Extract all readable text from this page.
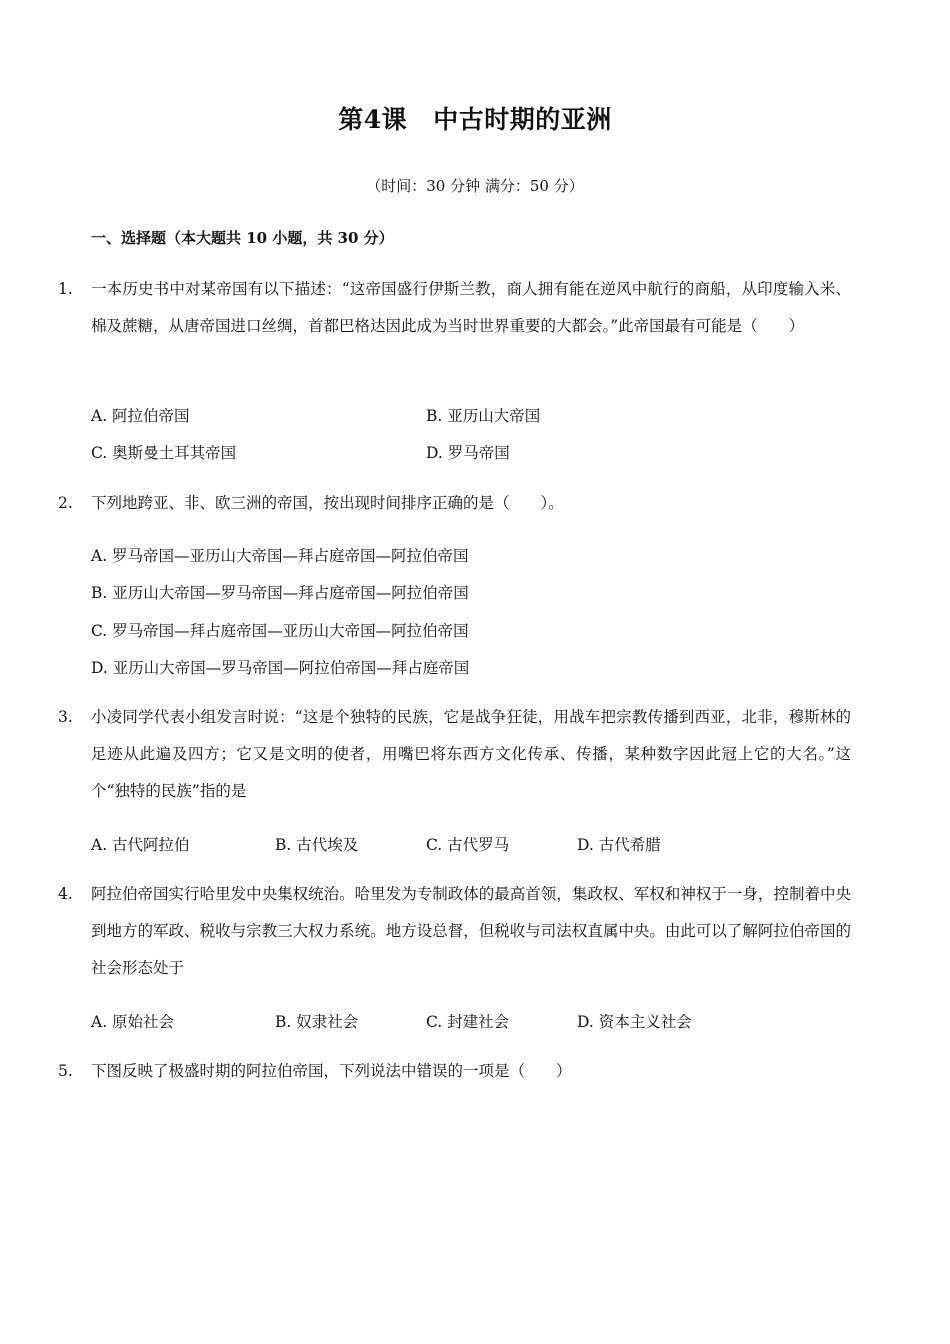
第4课 中古时期的亚洲
（时间：30 分钟 满分：50 分）
一、选择题（本大题共 10 小题，共 30 分）
1.	一本历史书中对某帝国有以下描述：“这帝国盛行伊斯兰教，商人拥有能在逆风中航行的商船，从印度输入米、棉及蔗糖，从唐帝国进口丝绸，首都巴格达因此成为当时世界重要的大都会。”此帝国最有可能是（　　）
A. 阿拉伯帝国	B. 亚历山大帝国
C. 奥斯曼土耳其帝国	D. 罗马帝国
2.	下列地跨亚、非、欧三洲的帝国，按出现时间排序正确的是（　　）。
A. 罗马帝国—亚历山大帝国—拜占庭帝国—阿拉伯帝国
B. 亚历山大帝国—罗马帝国—拜占庭帝国—阿拉伯帝国
C. 罗马帝国—拜占庭帝国—亚历山大帝国—阿拉伯帝国
D. 亚历山大帝国—罗马帝国—阿拉伯帝国—拜占庭帝国
3.	小凌同学代表小组发言时说：“这是个独特的民族，它是战争狂徒，用战车把宗教传播到西亚，北非，穆斯林的足迹从此遍及四方；它又是文明的使者，用嘴巴将东西方文化传承、传播，某种数字因此冠上它的大名。”这个“独特的民族”指的是
A. 古代阿拉伯	B. 古代埃及	C. 古代罗马	D. 古代希腊
4.	阿拉伯帝国实行哈里发中央集权统治。哈里发为专制政体的最高首领，集政权、军权和神权于一身，控制着中央到地方的军政、税收与宗教三大权力系统。地方设总督，但税收与司法权直属中央。由此可以了解阿拉伯帝国的社会形态处于
A. 原始社会	B. 奴隶社会	C. 封建社会	D. 资本主义社会
5.	下图反映了极盛时期的阿拉伯帝国，下列说法中错误的一项是（　　）
